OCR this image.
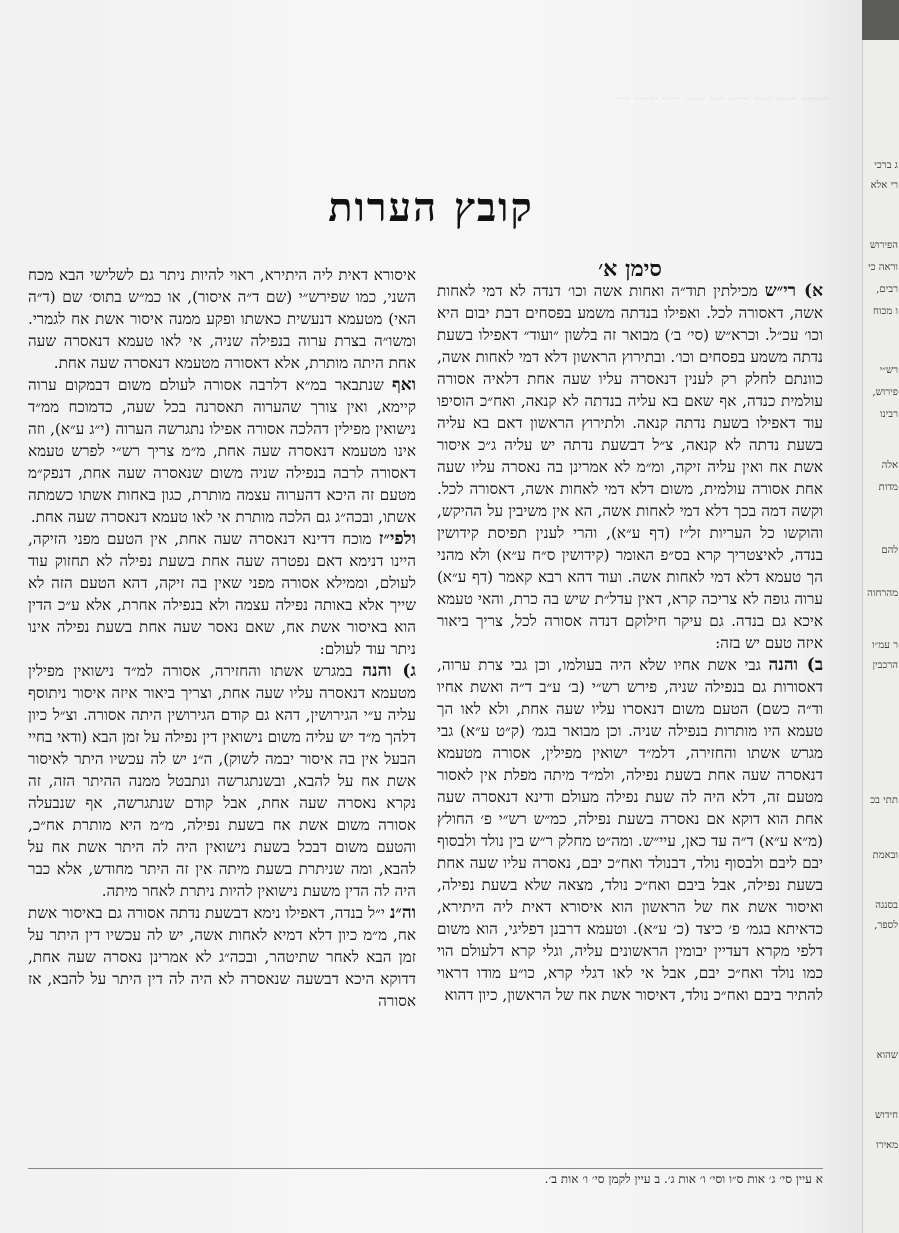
׳״׳׳׳׳׳׳׳ ׳׳׳׳׳׳׳ ׳׳׳׳׳׳ ׳׳׳׳׳׳׳ ׳׳׳׳׳ ׳׳׳׳׳׳׳ ׳׳׳׳׳׳ ׳׳׳׳׳׳׳׳ ׳׳׳׳׳
קובץ הערות

סימן א׳

א) רי״ש מכילתין תוד״ה ואחות אשה וכו׳ דנדה לא דמי לאחות אשה, דאסורה לכל. ואפילו בנדתה משמע בפסחים דבת יבום היא וכו׳ עכ״ל. וכרא״ש (סי׳ ב׳) מבואר זה בלשון ״ועוד״ דאפילו בשעת נדתה משמע בפסחים וכו׳. ובתירוץ הראשון דלא דמי לאחות אשה, כוונתם לחלק רק לענין דנאסרה עליו שעה אחת דלאיה אסורה עולמית כנדה, אף שאם בא עליה בנדתה לא קנאה, ואח״כ הוסיפו עוד דאפילו בשעת נדתה קנאה. ולתירוץ הראשון דאם בא עליה בשעת נדתה לא קנאה, צ״ל דבשעת נדתה יש עליה ג״כ איסור אשת אח ואין עליה זיקה, ומ״מ לא אמרינן בה נאסרה עליו שעה אחת אסורה עולמית, משום דלא דמי לאחות אשה, דאסורה לכל. וקשה דמה בכך דלא דמי לאחות אשה, הא אין משיבין על ההיקש, והוקשו כל העריות זל״ז (דף ע״א), והרי לענין תפיסת קידושין בנדה, לאיצטריך קרא בס״פ האומר (קידושין ס״ח ע״א) ולא מהני הך טעמא דלא דמי לאחות אשה. ועוד דהא רבא קאמר (דף ע״א) ערוה גופה לא צריכה קרא, דאין עדל״ת שיש בה כרת, והאי טעמא איכא גם בנדה. גם עיקר חילוקם דנדה אסורה לכל, צריך ביאור איזה טעם יש בזה:

ב) והנה גבי אשת אחיו שלא היה בעולמו, וכן גבי צרת ערוה, דאסורות גם בנפילה שניה, פירש רש״י (ב׳ ע״ב ד״ה ואשת אחיו וד״ה כשם) הטעם משום דנאסרו עליו שעה אחת, ולא לאו הך טעמא היו מותרות בנפילה שניה. וכן מבואר בגמ׳ (ק״ט ע״א) גבי מגרש אשתו והחזירה, דלמ״ד ישואין מפילין, אסורה מטעמא דנאסרה שעה אחת בשעת נפילה, ולמ״ד מיתה מפלת אין לאסור מטעם זה, דלא היה לה שעת נפילה מעולם ודינא דנאסרה שעה אחת הוא דוקא אם נאסרה בשעת נפילה, כמ״ש רש״י פ׳ החולץ (מ״א ע״א) ד״ה עד כאן, עיי״ש. ומה״ט מחלק ר״ש בין נולד ולבסוף יבם ליבם ולבסוף נולד, דבנולד ואח״כ יבם, נאסרה עליו שעה אחת בשעת נפילה, אבל ביבם ואח״כ נולד, מצאה שלא בשעת נפילה, ואיסור אשת אח של הראשון הוא איסורא דאית ליה היתירא, כדאיתא בגמ׳ פ׳ כיצד (כ׳ ע״א). וטעמא דרבנן דפליגי, הוא משום דלפי מקרא דעדיין יבומין הראשונים עליה, וגלי קרא דלעולם הוי כמו נולד ואח״כ יבם, אבל אי לאו דגלי קרא, כו״ע מודו דראוי להתיר ביבם ואח״כ נולד, דאיסור אשת אח של הראשון, כיון דהוא

איסורא דאית ליה היתירא, ראוי להיות ניתר גם לשלישי הבא מכח השני, כמו שפירש״י (שם ד״ה איסור), או כמ״ש בתוס׳ שם (ד״ה האי) מטעמא דנעשית כאשתו ופקע ממנה איסור אשת אח לגמרי. ומשו״ה בצרת ערוה בנפילה שניה, אי לאו טעמא דנאסרה שעה אחת היתה מותרת, אלא דאסורה מטעמא דנאסרה שעה אחת.

ואף שנתבאר במ״א דלרבה אסורה לעולם משום דבמקום ערוה קיימא, ואין צורך שהערוה תאסרנה בכל שעה, כדמוכח ממ״ד נישואין מפילין דהלכה אסורה אפילו נתגרשה הערוה (י״ג ע״א), וזה אינו מטעמא דנאסרה שעה אחת, מ״מ צריך רש״י לפרש טעמא דאסורה לרבה בנפילה שניה משום שנאסרה שעה אחת, דנפק״מ מטעם זה היכא דהערוה עצמה מותרת, כגון באחות אשתו כשמתה אשתו, ובכה״ג גם הלכה מותרת אי לאו טעמא דנאסרה שעה אחת.

ולפי״ז מוכח דדינא דנאסרה שעה אחת, אין הטעם מפני הזיקה, היינו דנימא דאם נפטרה שעה אחת בשעת נפילה לא תחזוק עוד לעולם, וממילא אסורה מפני שאין בה זיקה, דהא הטעם הזה לא שייך אלא באותה נפילה עצמה ולא בנפילה אחרת, אלא ע״כ הדין הוא באיסור אשת אח, שאם נאסר שעה אחת בשעת נפילה אינו ניתר עוד לעולם:

ג) והנה במגרש אשתו והחזירה, אסורה למ״ד נישואין מפילין מטעמא דנאסרה עליו שעה אחת, וצריך ביאור איזה איסור ניתוסף עליה ע״י הגירושין, דהא גם קודם הגירושין היתה אסורה. וצ״ל כיון דלהך מ״ד יש עליה משום נישואין דין נפילה על זמן הבא (ודאי בחיי הבעל אין בה איסור יבמה לשוק), ה״נ יש לה עכשיו היתר לאיסור אשת אח על להבא, ובשנתגרשה ונתבטל ממנה ההיתר הזה, זה נקרא נאסרה שעה אחת, אבל קודם שנתגרשה, אף שנבעלה אסורה משום אשת אח בשעת נפילה, מ״מ היא מותרת אח״כ, והטעם משום דבכל בשעת נישואין היה לה היתר אשת אח על להבא, ומה שניתרת בשעת מיתה אין זה היתר מחודש, אלא כבר היה לה הדין משעת נישואין להיות ניתרת לאחר מיתה.

וה״נ י״ל בנדה, דאפילו נימא דבשעת נדתה אסורה גם באיסור אשת אח, מ״מ כיון דלא דמיא לאחות אשה, יש לה עכשיו דין היתר על זמן הבא לאחר שתיטהר, ובכה״ג לא אמרינן נאסרה שעה אחת, דדוקא היכא דבשעה שנאסרה לא היה לה דין היתר על להבא, אז אסורה

א עיין סי׳ ג׳ אות ס״ו וסי׳ ו׳ אות ג׳. ב עיין לקמן סי׳ ו׳ אות ב׳.
ג ברכי
רי אלא
הפירוש
וראה כי
רבים,
ו מכוח
רש״י
פירוש,
רבינו
אלה
מדות
להם
מהרחוה
ר עמ״ו
הרכבין
תתי בכ
ובאמת
בסנגה
לספר,
שהוא
חידוש
מאירו
